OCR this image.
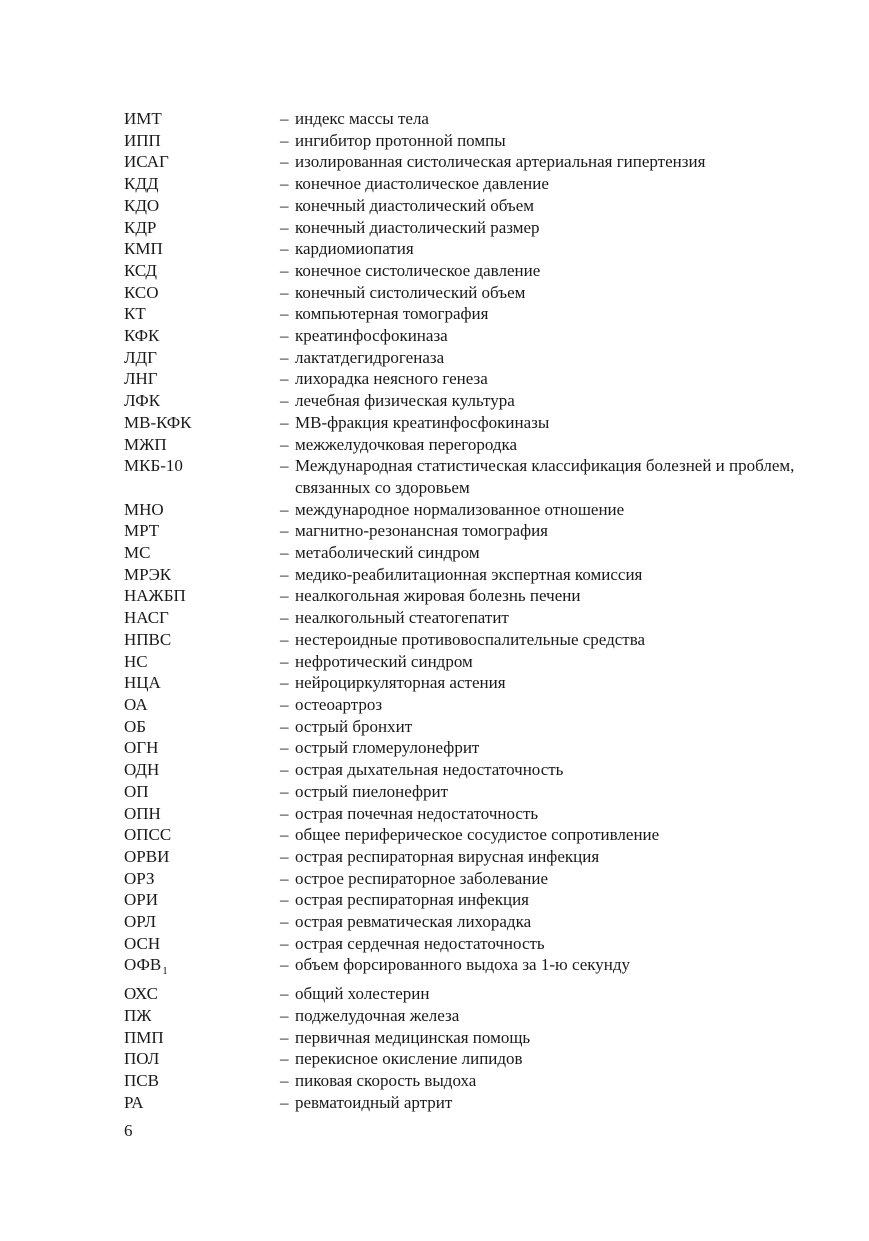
ИМТ	– индекс массы тела
ИПП	– ингибитор протонной помпы
ИСАГ	– изолированная систолическая артериальная гипертензия
КДД	– конечное диастолическое давление
КДО	– конечный диастолический объем
КДР	– конечный диастолический размер
КМП	– кардиомиопатия
КСД	– конечное систолическое давление
КСО	– конечный систолический объем
КТ	– компьютерная томография
КФК	– креатинфосфокиназа
ЛДГ	– лактатдегидрогеназа
ЛНГ	– лихорадка неясного генеза
ЛФК	– лечебная физическая культура
МВ-КФК	– МВ-фракция креатинфосфокиназы
МЖП	– межжелудочковая перегородка
МКБ-10	– Международная статистическая классификация болезней и проблем, связанных со здоровьем
МНО	– международное нормализованное отношение
МРТ	– магнитно-резонансная томография
МС	– метаболический синдром
МРЭК	– медико-реабилитационная экспертная комиссия
НАЖБП	– неалкогольная жировая болезнь печени
НАСГ	– неалкогольный стеатогепатит
НПВС	– нестероидные противовоспалительные средства
НС	– нефротический синдром
НЦА	– нейроциркуляторная астения
ОА	– остеоартроз
ОБ	– острый бронхит
ОГН	– острый гломерулонефрит
ОДН	– острая дыхательная недостаточность
ОП	– острый пиелонефрит
ОПН	– острая почечная недостаточность
ОПСС	– общее периферическое сосудистое сопротивление
ОРВИ	– острая респираторная вирусная инфекция
ОРЗ	– острое респираторное заболевание
ОРИ	– острая респираторная инфекция
ОРЛ	– острая ревматическая лихорадка
ОСН	– острая сердечная недостаточность
$ОФВ_1$	– объем форсированного выдоха за 1-ю секунду
ОХС	– общий холестерин
ПЖ	– поджелудочная железа
ПМП	– первичная медицинская помощь
ПОЛ	– перекисное окисление липидов
ПСВ	– пиковая скорость выдоха
РА	– ревматоидный артрит
6
